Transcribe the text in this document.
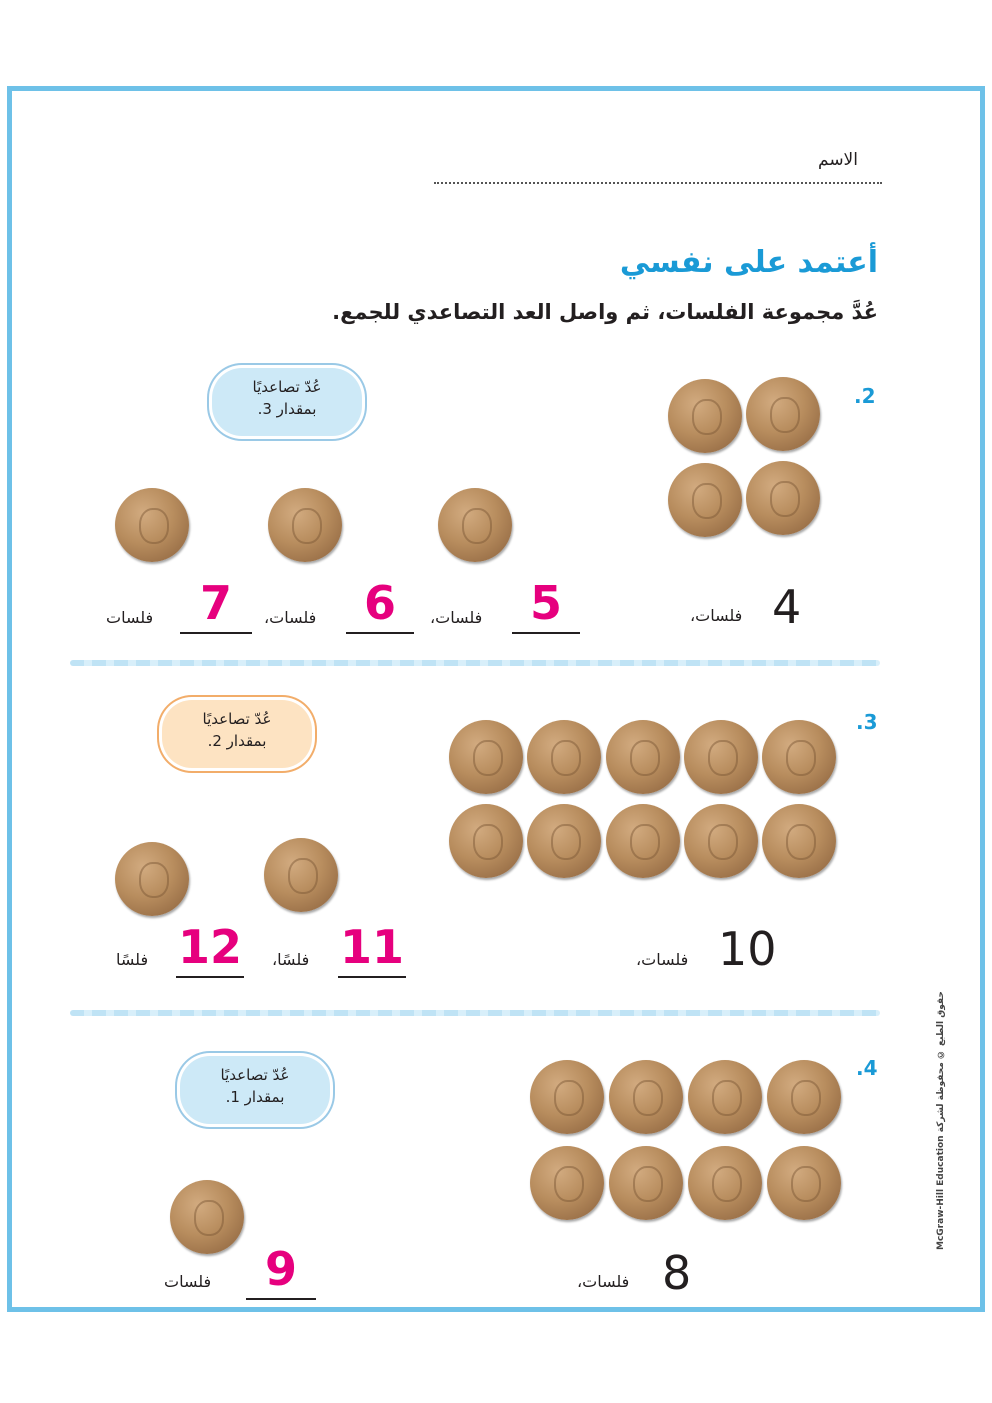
الاسم
أعتمد على نفسي
عُدَّ مجموعة الفلسات، ثم واصل العد التصاعدي للجمع.
.2
عُدّ تصاعديًا
بمقدار 3.
4
فلسات،
5
فلسات،
6
فلسات،
7
فلسات
.3
عُدّ تصاعديًا
بمقدار 2.
10
فلسات،
11
فلسًا،
12
فلسًا
.4
عُدّ تصاعديًا
بمقدار 1.
8
فلسات،
9
فلسات
McGraw-Hill Education حقوق الطبع © محفوظة لشركة
